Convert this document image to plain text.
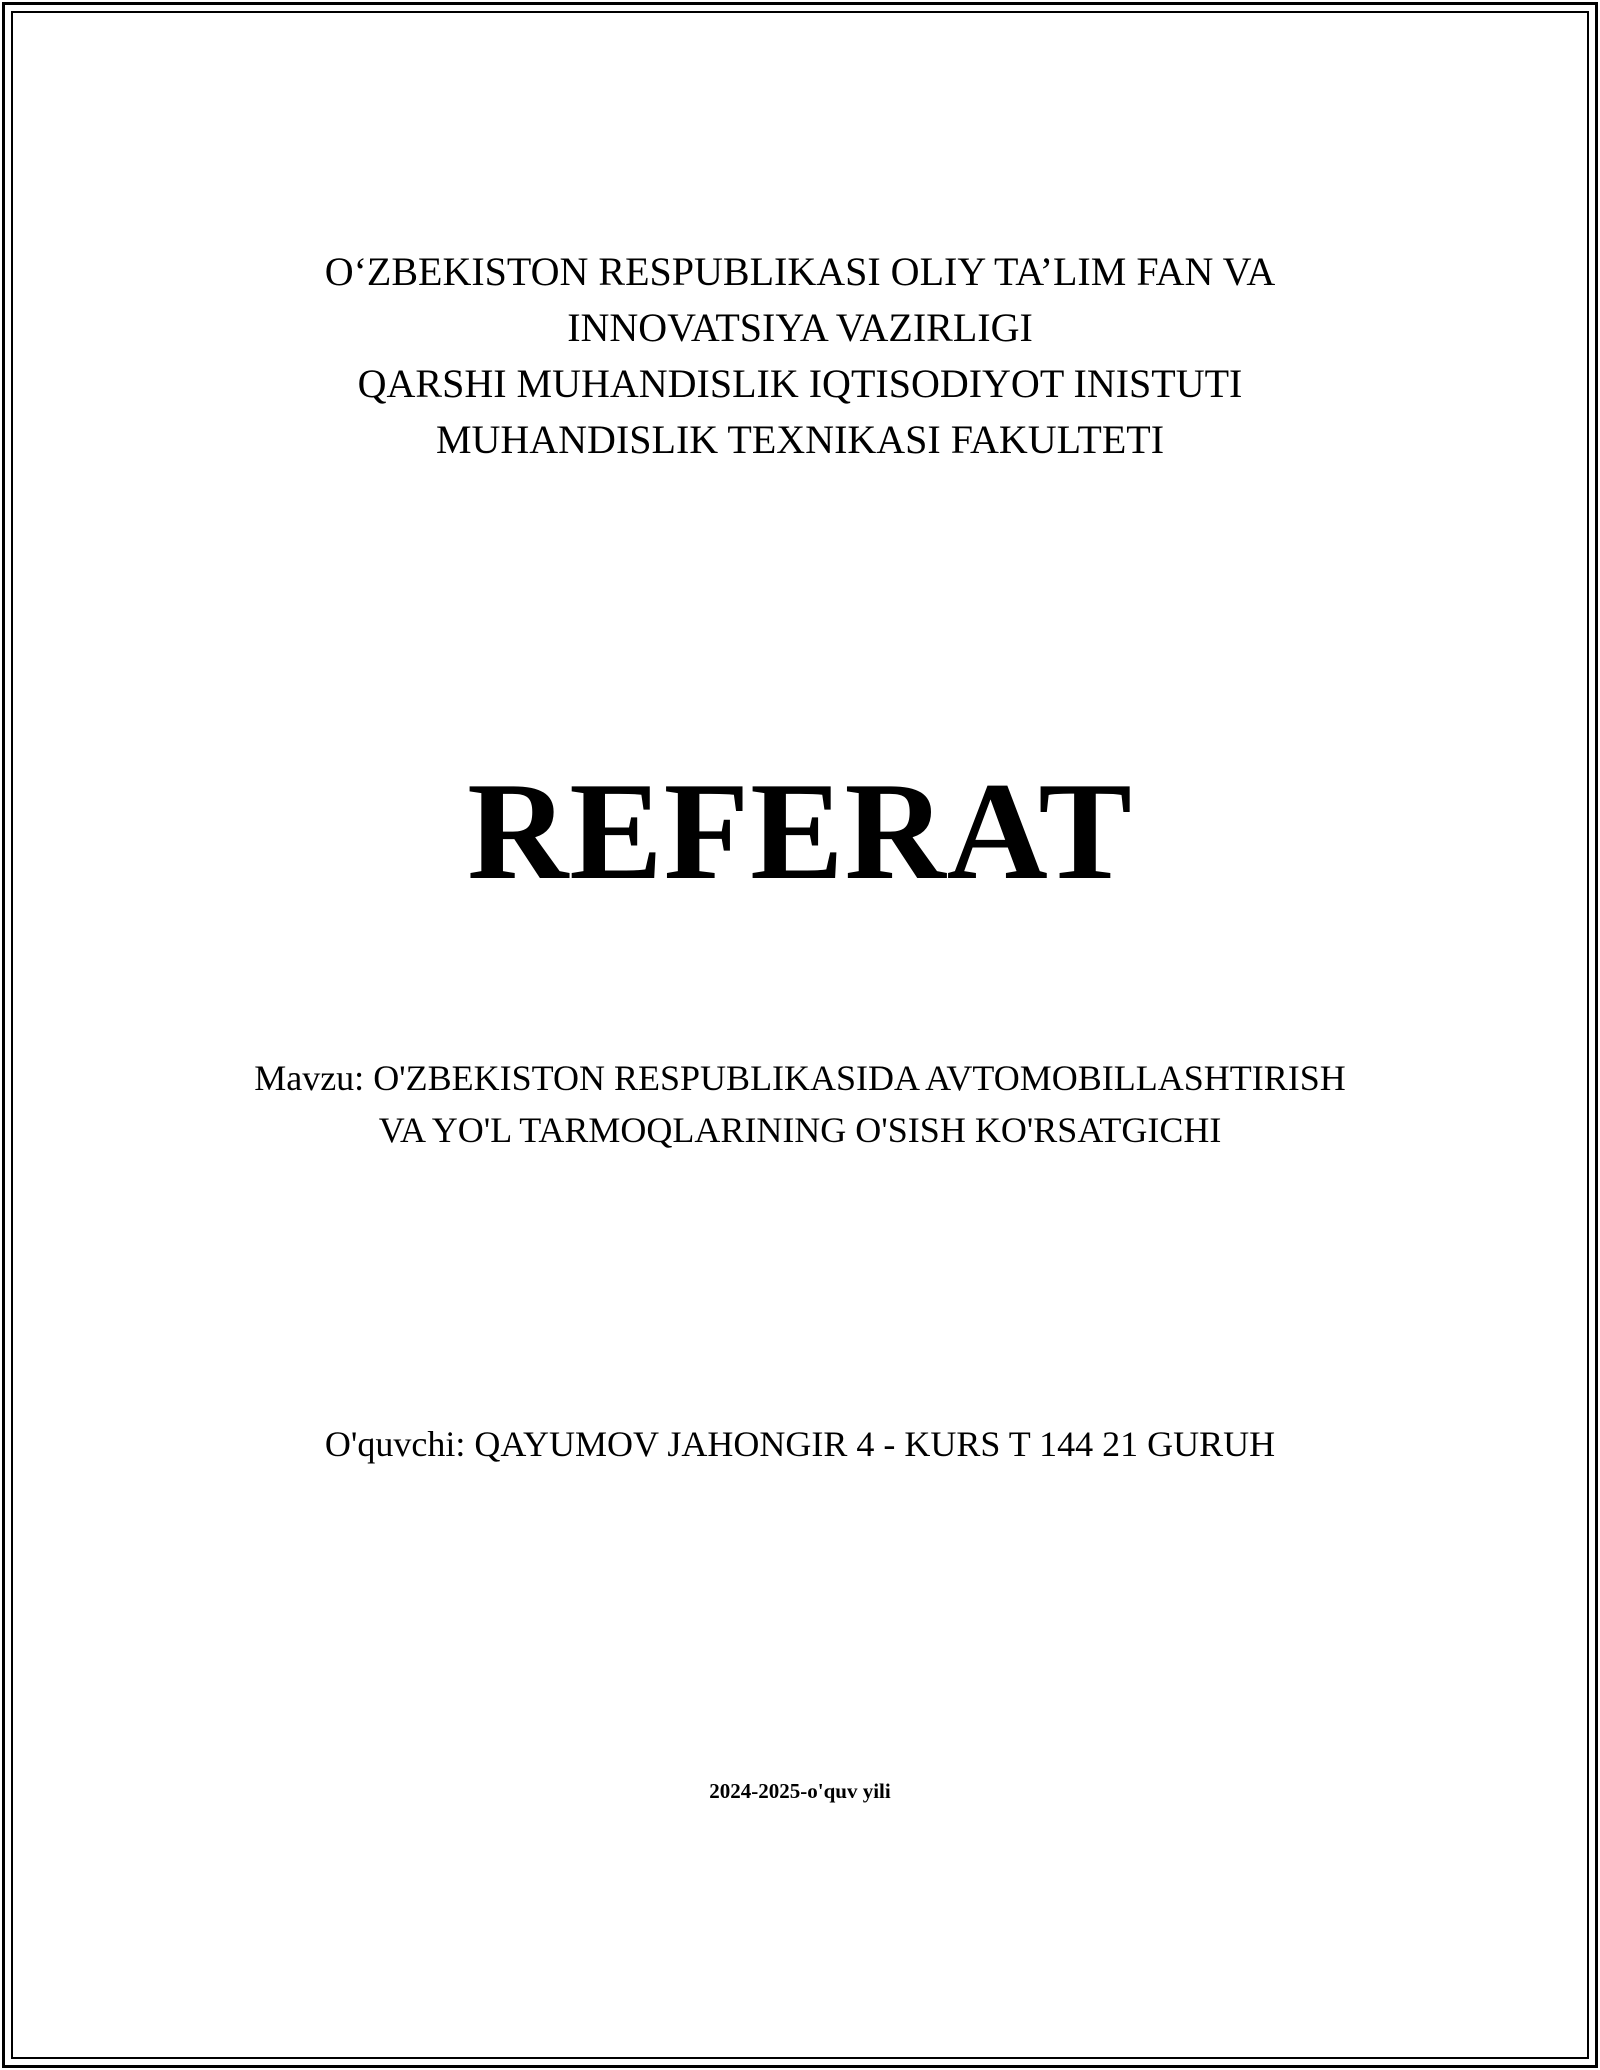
O‘ZBEKISTON RESPUBLIKASI OLIY TA’LIM FAN VA
INNOVATSIYA VAZIRLIGI
QARSHI MUHANDISLIK IQTISODIYOT INISTUTI
MUHANDISLIK TEXNIKASI FAKULTETI
REFERAT
Mavzu: O'ZBEKISTON RESPUBLIKASIDA AVTOMOBILLASHTIRISH
VA YO'L TARMOQLARINING O'SISH KO'RSATGICHI
O'quvchi: QAYUMOV JAHONGIR 4 - KURS T 144 21 GURUH
2024-2025-o'quv yili
